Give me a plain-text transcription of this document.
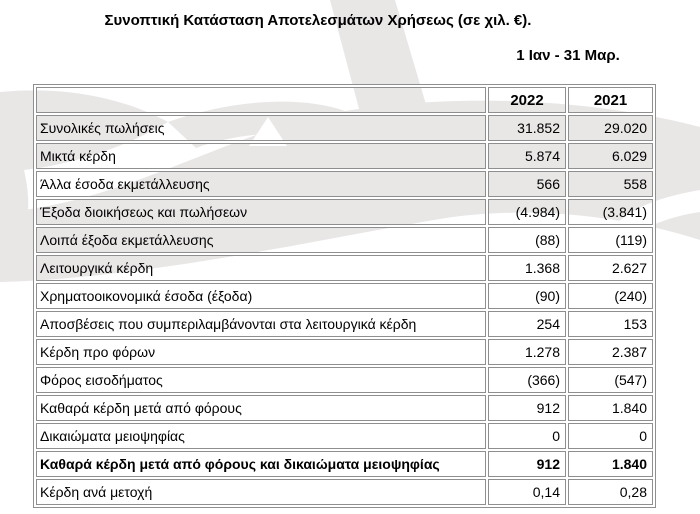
Συνοπτική Κατάσταση Αποτελεσμάτων Χρήσεως (σε χιλ. €).
1 Ιαν - 31 Μαρ.
	2022	2021
Συνολικές πωλήσεις	31.852	29.020
Μικτά κέρδη	5.874	6.029
Άλλα έσοδα εκμετάλλευσης	566	558
Έξοδα διοικήσεως και πωλήσεων	(4.984)	(3.841)
Λοιπά έξοδα εκμετάλλευσης	(88)	(119)
Λειτουργικά κέρδη	1.368	2.627
Χρηματοοικονομικά έσοδα (έξοδα)	(90)	(240)
Αποσβέσεις που συμπεριλαμβάνονται στα λειτουργικά κέρδη	254	153
Κέρδη προ φόρων	1.278	2.387
Φόρος εισοδήματος	(366)	(547)
Καθαρά κέρδη μετά από φόρους	912	1.840
Δικαιώματα μειοψηφίας	0	0
Καθαρά κέρδη μετά από φόρους και δικαιώματα μειοψηφίας	912	1.840
Κέρδη ανά μετοχή	0,14	0,28
